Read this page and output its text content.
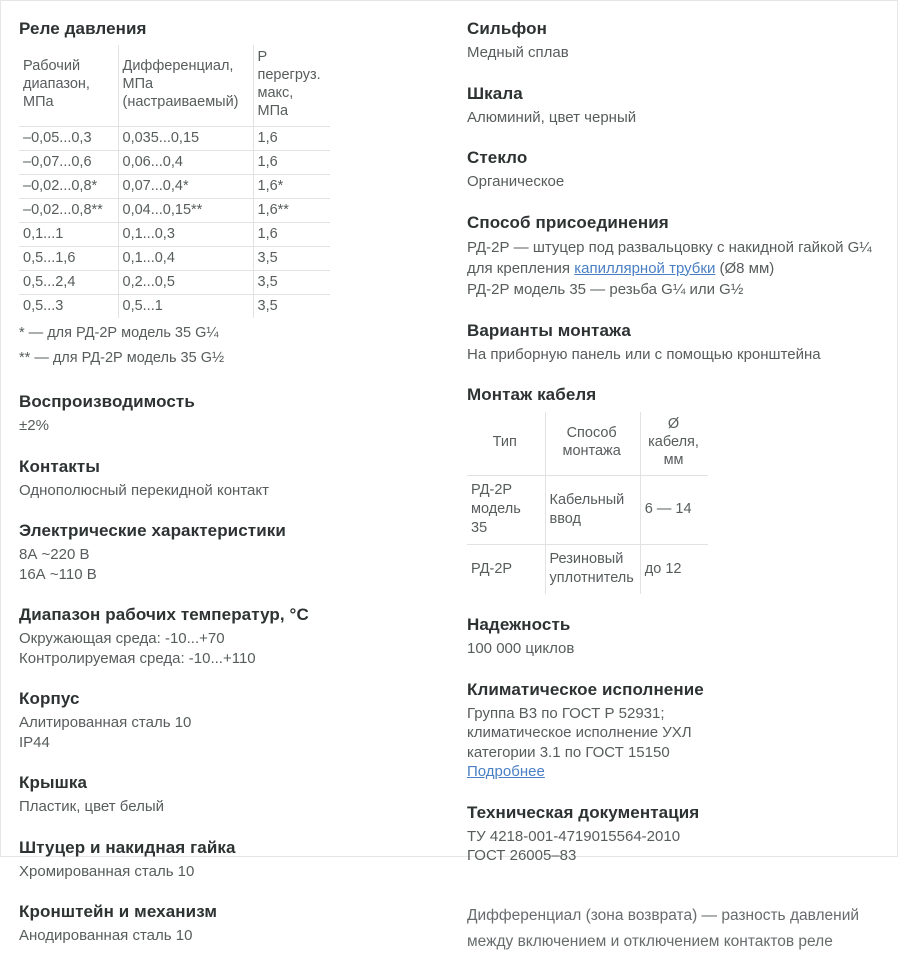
Реле давления
Рабочий диапазон, МПа	Дифференциал, МПа (настраиваемый)	Р перегруз. макс, МПа
–0,05...0,3	0,035...0,15	1,6
–0,07...0,6	0,06...0,4	1,6
–0,02...0,8*	0,07...0,4*	1,6*
–0,02...0,8**	0,04...0,15**	1,6**
0,1...1	0,1...0,3	1,6
0,5...1,6	0,1...0,4	3,5
0,5...2,4	0,2...0,5	3,5
0,5...3	0,5...1	3,5
* — для РД-2Р модель 35 G¼
** — для РД-2Р модель 35 G½
Воспроизводимость
±2%
Контакты
Однополюсный перекидной контакт
Электрические характеристики
8А ~220 В
16А ~110 В
Диапазон рабочих температур, °С
Окружающая среда: -10...+70
Контролируемая среда: -10...+110
Корпус
Алитированная сталь 10
IP44
Крышка
Пластик, цвет белый
Штуцер и накидная гайка
Хромированная сталь 10
Кронштейн и механизм
Анодированная сталь 10
Сильфон
Медный сплав
Шкала
Алюминий, цвет черный
Стекло
Органическое
Способ присоединения
РД-2Р — штуцер под развальцовку с накидной гайкой G¼ для крепления капиллярной трубки (Ø8 мм)
РД-2Р модель 35 — резьба G¼ или G½
Варианты монтажа
На приборную панель или с помощью кронштейна
Монтаж кабеля
Тип	Способ монтажа	Ø кабеля, мм
РД-2Р модель 35	Кабельный ввод	6 — 14
РД-2Р	Резиновый уплотнитель	до 12
Надежность
100 000 циклов
Климатическое исполнение
Группа В3 по ГОСТ Р 52931;
климатическое исполнение УХЛ
категории 3.1 по ГОСТ 15150
Подробнее
Техническая документация
ТУ 4218-001-4719015564-2010
ГОСТ 26005–83
Дифференциал (зона возврата) — разность давлений между включением и отключением контактов реле
